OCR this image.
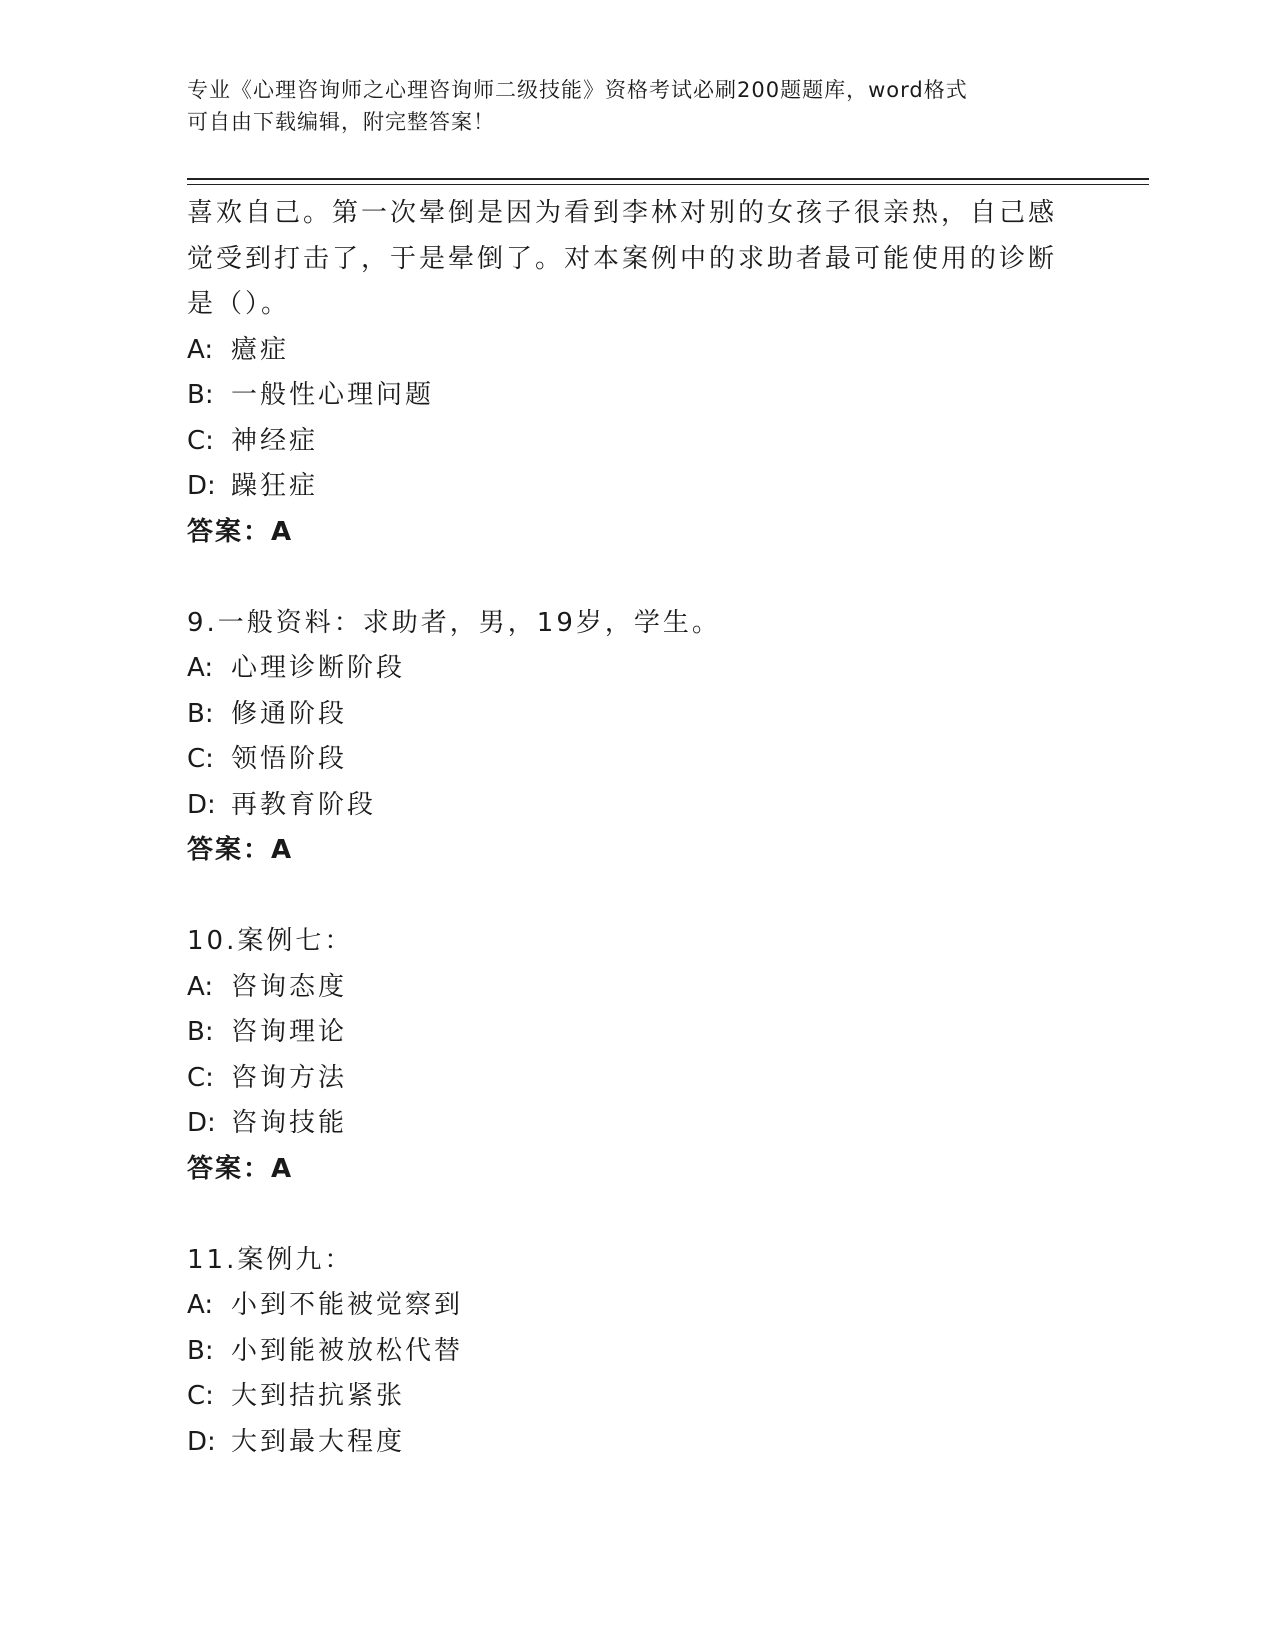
专业《心理咨询师之心理咨询师二级技能》资格考试必刷200题题库，word格式
可自由下载编辑，附完整答案！
喜欢自己。第一次晕倒是因为看到李林对别的女孩子很亲热，自己感
觉受到打击了，于是晕倒了。对本案例中的求助者最可能使用的诊断
是（）。
A: 癔症
B: 一般性心理问题
C: 神经症
D: 躁狂症
答案：A
9.一般资料：求助者，男，19岁，学生。
A: 心理诊断阶段
B: 修通阶段
C: 领悟阶段
D: 再教育阶段
答案：A
10.案例七：
A: 咨询态度
B: 咨询理论
C: 咨询方法
D: 咨询技能
答案：A
11.案例九：
A: 小到不能被觉察到
B: 小到能被放松代替
C: 大到拮抗紧张
D: 大到最大程度
